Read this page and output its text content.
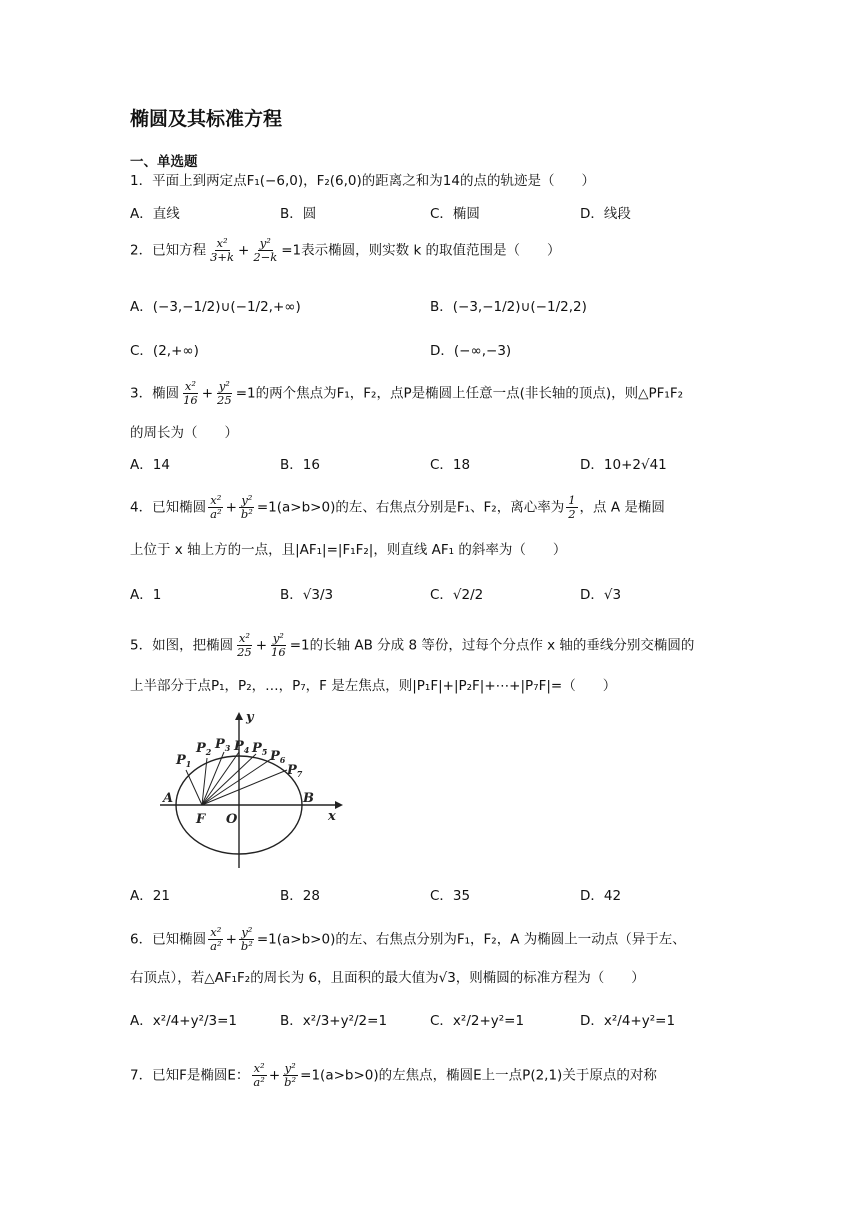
椭圆及其标准方程
一、单选题
1．平面上到两定点F₁(−6,0)，F₂(6,0)的距离之和为14的点的轨迹是（　　）
A．直线	B．圆	C．椭圆	D．线段
2．已知方程 $\frac{\text{x²}}{3+k} + \frac{\text{y²}}{2-k} =1$表示椭圆，则实数 k 的取值范围是（　　）
A．(−3,−1/2)∪(−1/2,+∞)	B．(−3,−1/2)∪(−1/2,2)
C．(2,+∞)	D．(−∞,−3)
3．椭圆 $\frac{\text{x²}}{16} + \frac{\text{y²}}{25} =1$的两个焦点为F₁，F₂，点P是椭圆上任意一点(非长轴的顶点)，则△PF₁F₂
的周长为（　　）
A．14	B．16	C．18	D．10+2√41
4．已知椭圆 $\frac{\text{x²}}{\text{a²}} + \frac{\text{y²}}{\text{b²}} =1(a>b>0)$的左、右焦点分别是F₁、F₂，离心率为 $\frac{1}{2}$ ，点 A 是椭圆
上位于 x 轴上方的一点，且|AF₁|=|F₁F₂|，则直线 AF₁ 的斜率为（　　）
A．1	B．√3/3	C．√2/2	D．√3
5．如图，把椭圆 $\frac{\text{x²}}{25} + \frac{\text{y²}}{16} =1$的长轴 AB 分成 8 等份，过每个分点作 x 轴的垂线分别交椭圆的
上半部分于点P₁，P₂，…，P₇，F 是左焦点，则|P₁F|+|P₂F|+⋯+|P₇F|=（　　）
y
x
A	B
F O
$P_1$
$P_2$ $P_3$ $P_4$ $P_5$ $P_6$
$P_7$
A．21	B．28	C．35	D．42
6．已知椭圆 $\frac{\text{x²}}{\text{a²}} + \frac{\text{y²}}{\text{b²}} =1(a>b>0)$的左、右焦点分别为F₁，F₂，A 为椭圆上一动点（异于左、
右顶点），若△AF₁F₂的周长为 6，且面积的最大值为√3，则椭圆的标准方程为（　　）
A．x²/4+y²/3=1	B．x²/3+y²/2=1	C．x²/2+y²=1	D．x²/4+y²=1
7．已知F是椭圆E： $\frac{\text{x²}}{\text{a²}} + \frac{\text{y²}}{\text{b²}} =1(a>b>0)$的左焦点，椭圆E上一点P(2,1)关于原点的对称
